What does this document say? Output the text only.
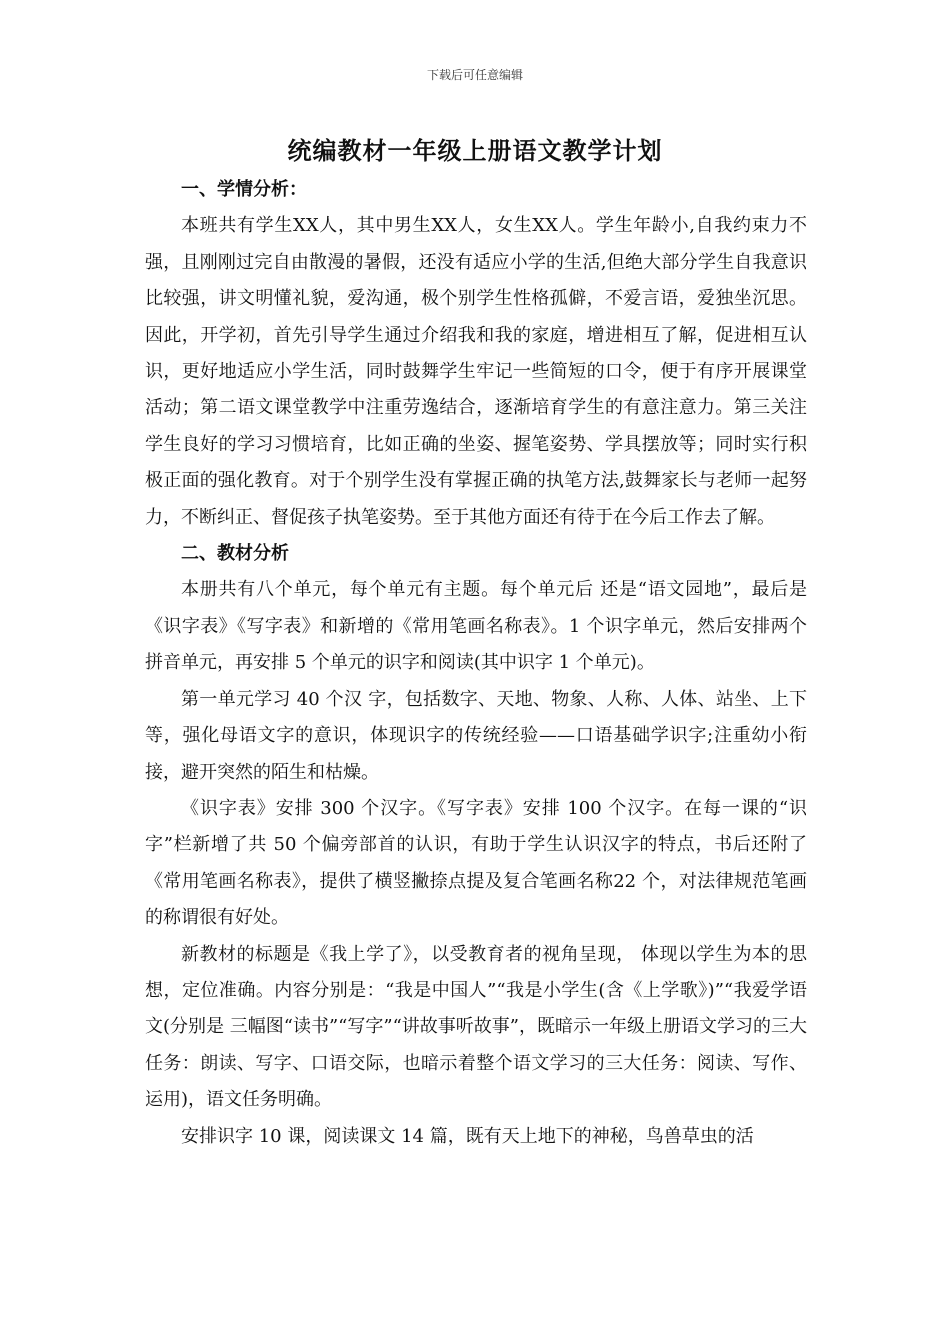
下载后可任意编辑
统编教材一年级上册语文教学计划
一、学情分析：

本班共有学生XX人，其中男生XX人，女生XX人。学生年龄小,自我约束力不强，且刚刚过完自由散漫的暑假，还没有适应小学的生活,但绝大部分学生自我意识比较强，讲文明懂礼貌，爱沟通，极个别学生性格孤僻，不爱言语，爱独坐沉思。因此，开学初，首先引导学生通过介绍我和我的家庭，增进相互了解，促进相互认识，更好地适应小学生活，同时鼓舞学生牢记一些简短的口令，便于有序开展课堂活动；第二语文课堂教学中注重劳逸结合，逐渐培育学生的有意注意力。第三关注学生良好的学习习惯培育，比如正确的坐姿、握笔姿势、学具摆放等；同时实行积极正面的强化教育。对于个别学生没有掌握正确的执笔方法,鼓舞家长与老师一起努力，不断纠正、督促孩子执笔姿势。至于其他方面还有待于在今后工作去了解。

二、教材分析

本册共有八个单元，每个单元有主题。每个单元后 还是“语文园地”，最后是《识字表》《写字表》和新增的《常用笔画名称表》。1 个识字单元，然后安排两个拼音单元，再安排 5 个单元的识字和阅读(其中识字 1 个单元)。

第一单元学习 40 个汉 字，包括数字、天地、物象、人称、人体、站坐、上下等，强化母语文字的意识，体现识字的传统经验——口语基础学识字;注重幼小衔接，避开突然的陌生和枯燥。

《识字表》安排 300 个汉字。《写字表》安排 100 个汉字。在每一课的“识字”栏新增了共 50 个偏旁部首的认识，有助于学生认识汉字的特点，书后还附了《常用笔画名称表》，提供了横竖撇捺点提及复合笔画名称22 个，对法律规范笔画的称谓很有好处。

新教材的标题是《我上学了》，以受教育者的视角呈现， 体现以学生为本的思想，定位准确。内容分别是：“我是中国人”“我是小学生(含《上学歌》)”“我爱学语文(分别是 三幅图“读书”“写字”“讲故事听故事”，既暗示一年级上册语文学习的三大任务：朗读、写字、口语交际，也暗示着整个语文学习的三大任务：阅读、写作、运用)，语文任务明确。

安排识字 10 课，阅读课文 14 篇，既有天上地下的神秘，鸟兽草虫的活
